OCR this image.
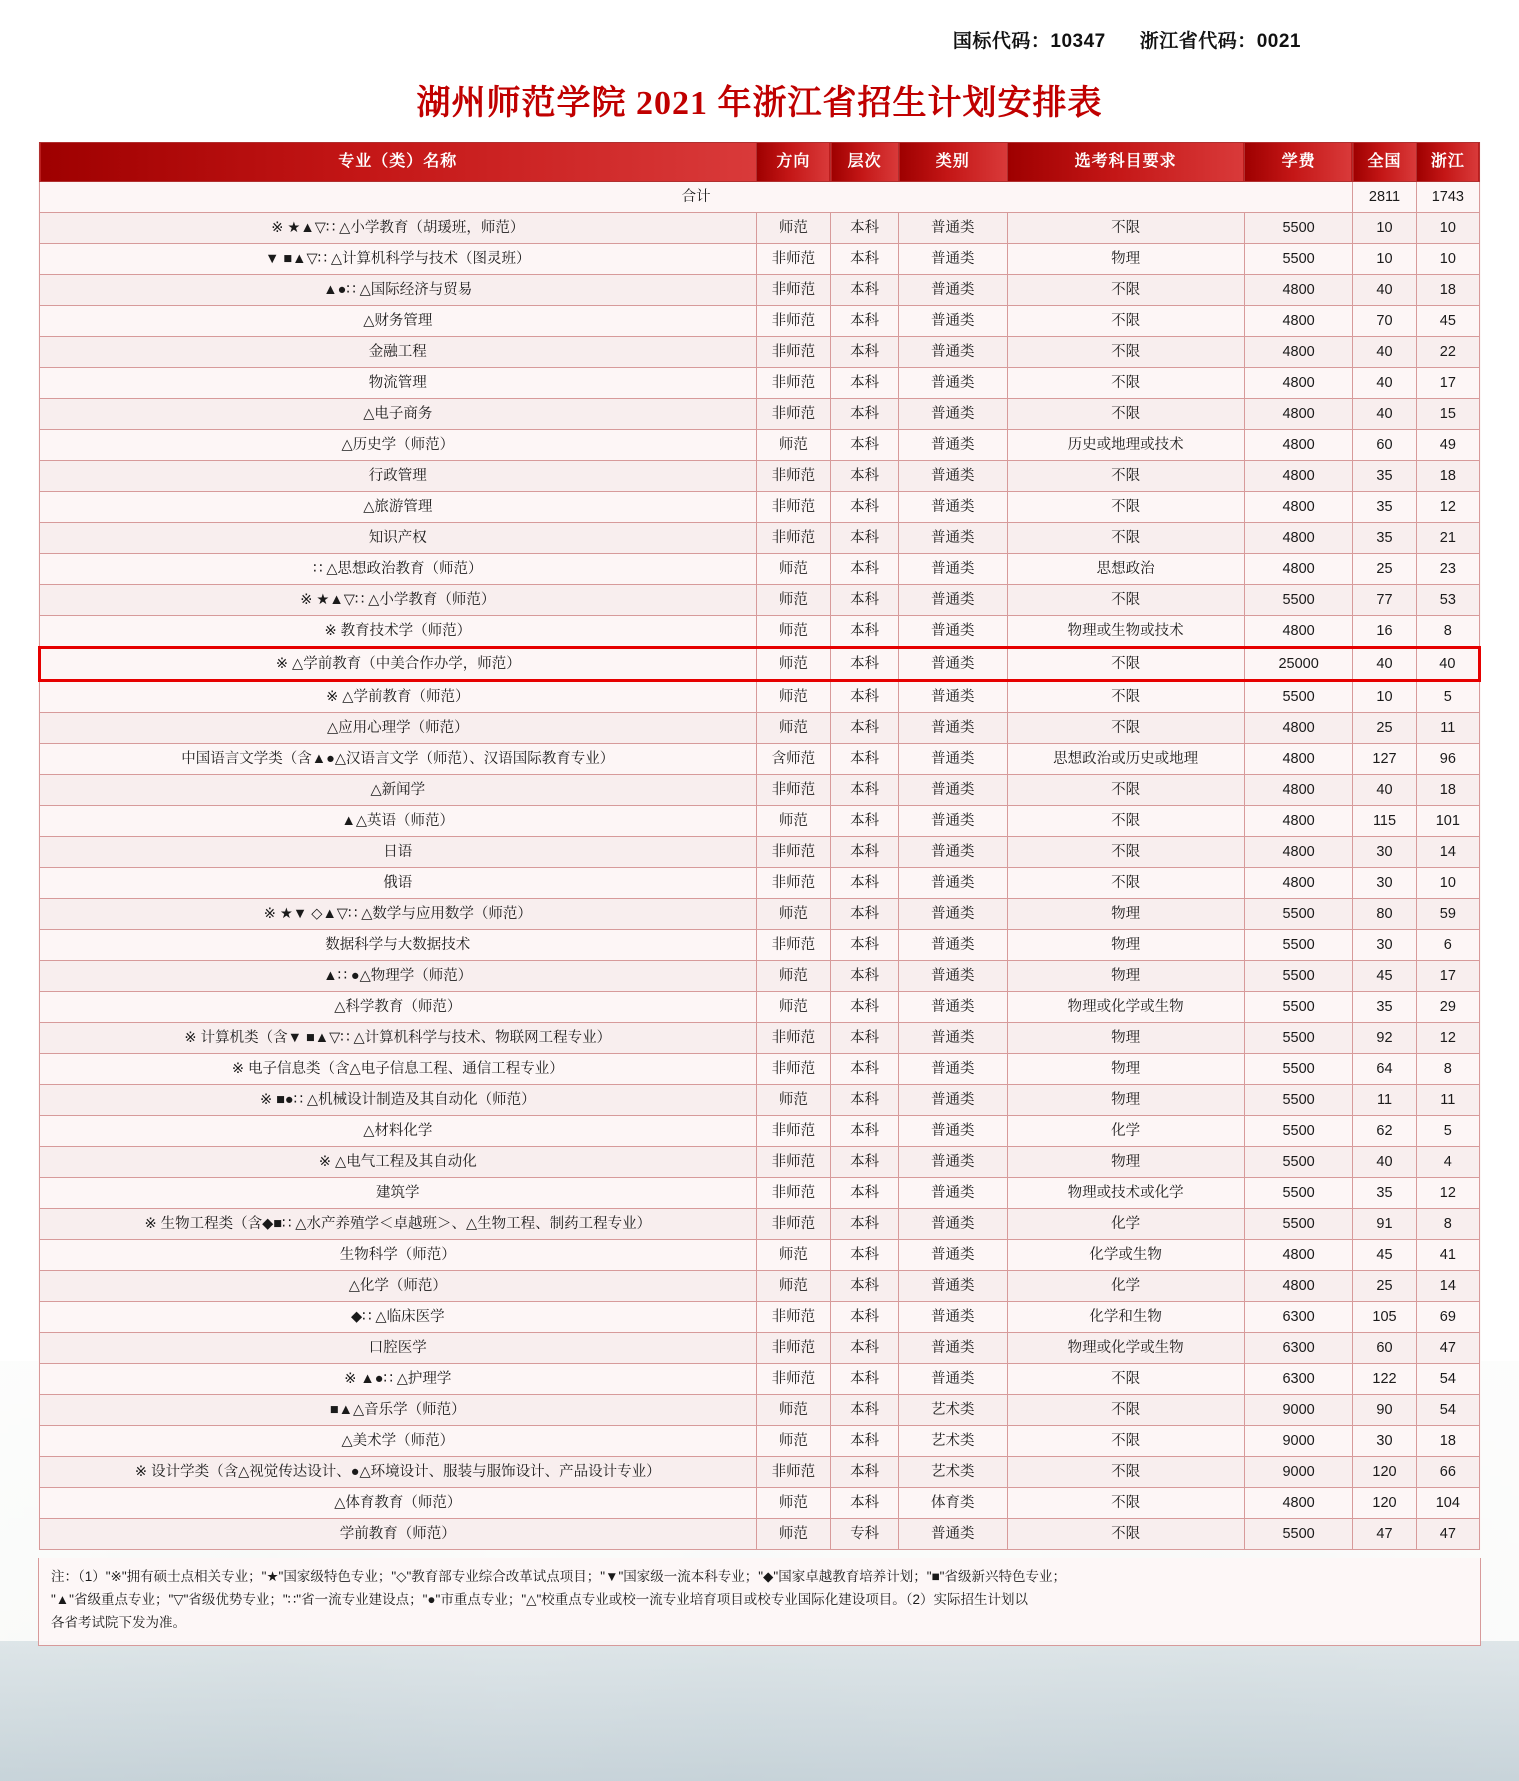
国标代码：10347 浙江省代码：0021
湖州师范学院 2021 年浙江省招生计划安排表
专业（类）名称	方向	层次	类别	选考科目要求	学费	全国	浙江
合计						2811	1743
※ ★▲▽∷ △小学教育（胡瑗班，师范）	师范	本科	普通类	不限	5500	10	10
▼ ■▲▽∷ △计算机科学与技术（图灵班）	非师范	本科	普通类	物理	5500	10	10
▲●∷ △国际经济与贸易	非师范	本科	普通类	不限	4800	40	18
△财务管理	非师范	本科	普通类	不限	4800	70	45
金融工程	非师范	本科	普通类	不限	4800	40	22
物流管理	非师范	本科	普通类	不限	4800	40	17
△电子商务	非师范	本科	普通类	不限	4800	40	15
△历史学（师范）	师范	本科	普通类	历史或地理或技术	4800	60	49
行政管理	非师范	本科	普通类	不限	4800	35	18
△旅游管理	非师范	本科	普通类	不限	4800	35	12
知识产权	非师范	本科	普通类	不限	4800	35	21
∷ △思想政治教育（师范）	师范	本科	普通类	思想政治	4800	25	23
※ ★▲▽∷ △小学教育（师范）	师范	本科	普通类	不限	5500	77	53
※ 教育技术学（师范）	师范	本科	普通类	物理或生物或技术	4800	16	8
※ △学前教育（中美合作办学，师范）	师范	本科	普通类	不限	25000	40	40
※ △学前教育（师范）	师范	本科	普通类	不限	5500	10	5
△应用心理学（师范）	师范	本科	普通类	不限	4800	25	11
中国语言文学类（含▲●△汉语言文学（师范）、汉语国际教育专业）	含师范	本科	普通类	思想政治或历史或地理	4800	127	96
△新闻学	非师范	本科	普通类	不限	4800	40	18
▲△英语（师范）	师范	本科	普通类	不限	4800	115	101
日语	非师范	本科	普通类	不限	4800	30	14
俄语	非师范	本科	普通类	不限	4800	30	10
※ ★▼ ◇▲▽∷ △数学与应用数学（师范）	师范	本科	普通类	物理	5500	80	59
数据科学与大数据技术	非师范	本科	普通类	物理	5500	30	6
▲∷ ●△物理学（师范）	师范	本科	普通类	物理	5500	45	17
△科学教育（师范）	师范	本科	普通类	物理或化学或生物	5500	35	29
※ 计算机类（含▼ ■▲▽∷ △计算机科学与技术、物联网工程专业）	非师范	本科	普通类	物理	5500	92	12
※ 电子信息类（含△电子信息工程、通信工程专业）	非师范	本科	普通类	物理	5500	64	8
※ ■●∷ △机械设计制造及其自动化（师范）	师范	本科	普通类	物理	5500	11	11
△材料化学	非师范	本科	普通类	化学	5500	62	5
※ △电气工程及其自动化	非师范	本科	普通类	物理	5500	40	4
建筑学	非师范	本科	普通类	物理或技术或化学	5500	35	12
※ 生物工程类（含◆■∷ △水产养殖学＜卓越班＞、△生物工程、制药工程专业）	非师范	本科	普通类	化学	5500	91	8
生物科学（师范）	师范	本科	普通类	化学或生物	4800	45	41
△化学（师范）	师范	本科	普通类	化学	4800	25	14
◆∷ △临床医学	非师范	本科	普通类	化学和生物	6300	105	69
口腔医学	非师范	本科	普通类	物理或化学或生物	6300	60	47
※ ▲●∷ △护理学	非师范	本科	普通类	不限	6300	122	54
■▲△音乐学（师范）	师范	本科	艺术类	不限	9000	90	54
△美术学（师范）	师范	本科	艺术类	不限	9000	30	18
※ 设计学类（含△视觉传达设计、●△环境设计、服装与服饰设计、产品设计专业）	非师范	本科	艺术类	不限	9000	120	66
△体育教育（师范）	师范	本科	体育类	不限	4800	120	104
学前教育（师范）	师范	专科	普通类	不限	5500	47	47

注：（1）"※"拥有硕士点相关专业；"★"国家级特色专业；"◇"教育部专业综合改革试点项目；"▼"国家级一流本科专业；"◆"国家卓越教育培养计划；"■"省级新兴特色专业；

"▲"省级重点专业；"▽"省级优势专业；"∷"省一流专业建设点；"●"市重点专业；"△"校重点专业或校一流专业培育项目或校专业国际化建设项目。（2）实际招生计划以

各省考试院下发为准。
